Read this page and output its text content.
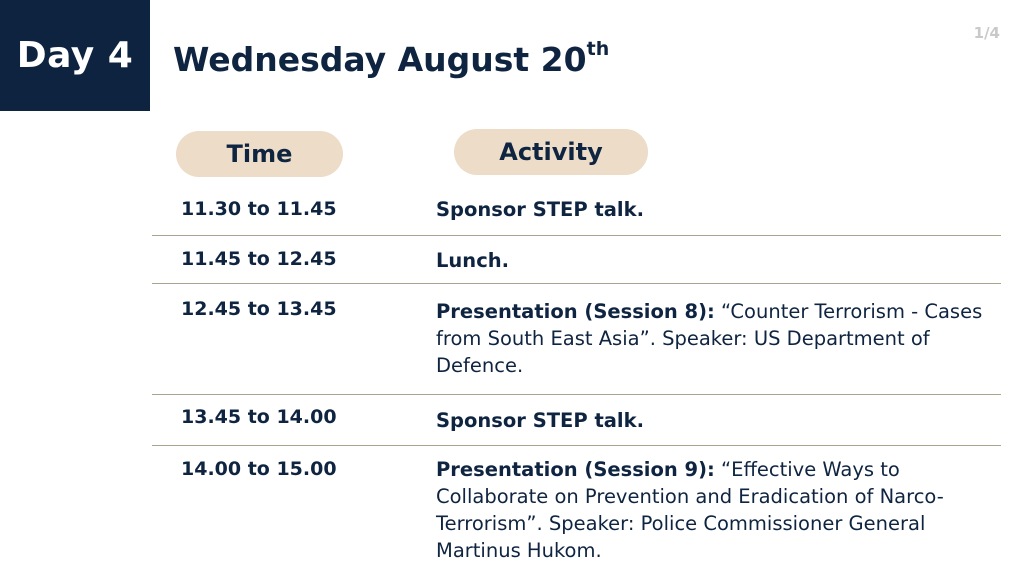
Day 4 Wednesday August 20th
1/4
Time	Activity
11.30 to 11.45	Sponsor STEP talk.
11.45 to 12.45	Lunch.
12.45 to 13.45	Presentation (Session 8): “Counter Terrorism - Cases from South East Asia”. Speaker: US Department of Defence.
13.45 to 14.00	Sponsor STEP talk.
14.00 to 15.00	Presentation (Session 9): “Effective Ways to Collaborate on Prevention and Eradication of Narco-Terrorism”. Speaker: Police Commissioner General Martinus Hukom.
